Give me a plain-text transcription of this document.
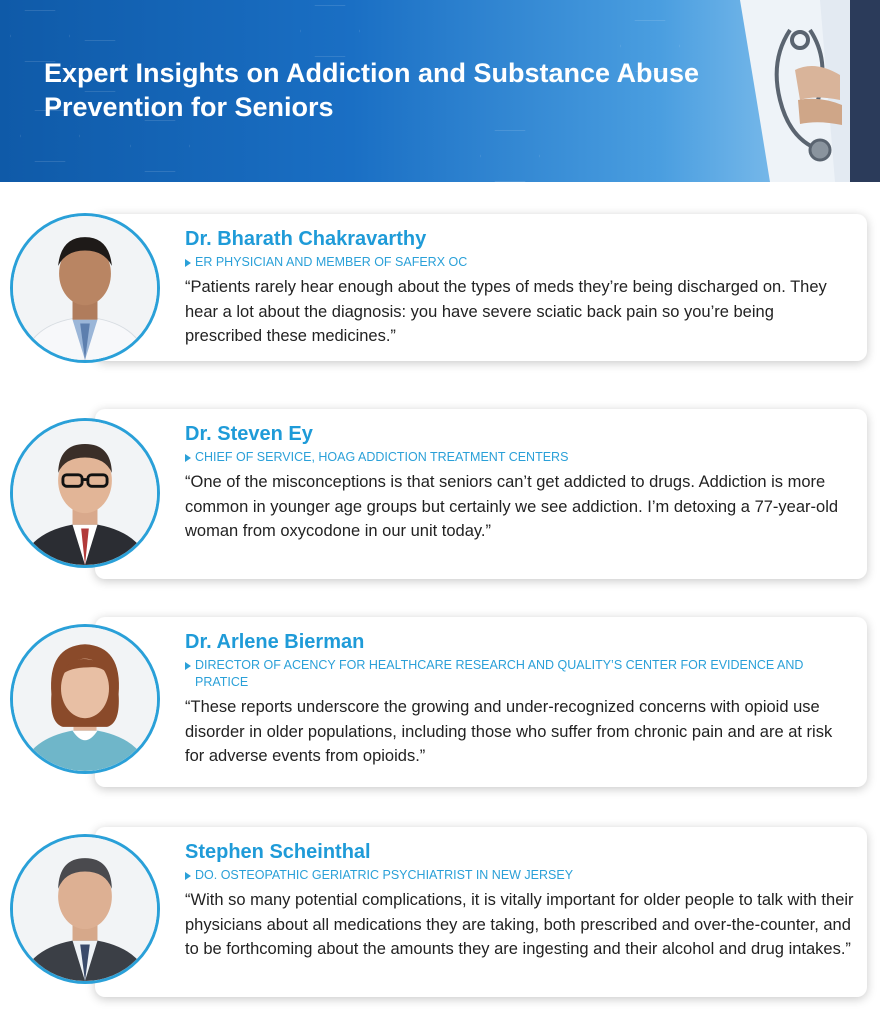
Expert Insights on Addiction and Substance Abuse Prevention for Seniors
Dr. Bharath Chakravarthy
ER PHYSICIAN AND MEMBER OF SAFERX OC
“Patients rarely hear enough about the types of meds they’re being discharged on. They hear a lot about the diagnosis: you have severe sciatic back pain so you’re being prescribed these medicines.”
Dr. Steven Ey
CHIEF OF SERVICE, HOAG ADDICTION TREATMENT CENTERS
“One of the misconceptions is that seniors can’t get addicted to drugs. Addiction is more common in younger age groups but certainly we see addiction. I’m detoxing a 77-year-old woman from oxycodone in our unit today.”
Dr. Arlene Bierman
DIRECTOR OF ACENCY FOR HEALTHCARE RESEARCH AND QUALITY’S CENTER FOR EVIDENCE AND PRATICE
“These reports underscore the growing and under-recognized concerns with opioid use disorder in older populations, including those who suffer from chronic pain and are at risk for adverse events from opioids.”
Stephen Scheinthal
DO. OSTEOPATHIC GERIATRIC PSYCHIATRIST IN NEW JERSEY
“With so many potential complications, it is vitally important for older people to talk with their physicians about all medications they are taking, both prescribed and over-the-counter, and to be forthcoming about the amounts they are ingesting and their alcohol and drug intakes.”
